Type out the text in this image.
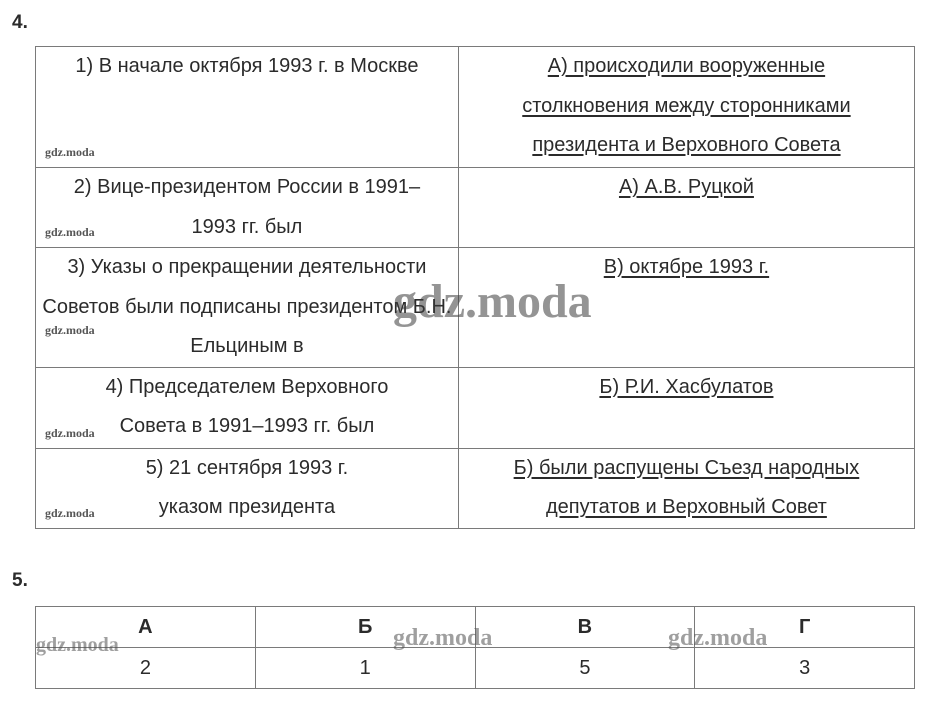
4.
1) В начале октября 1993 г. в Москве
gdz.moda	А) происходили вооруженные столкновения между сторонниками президента и Верховного Совета

2) Вице-президентом России в 1991–1993 гг. был
gdz.moda	А) А.В. Руцкой

3) Указы о прекращении деятельности Советов были подписаны президентом Б.Н. Ельциным в
gdz.moda	В) октябре 1993 г.

4) Председателем Верховного Совета в 1991–1993 гг. был
gdz.moda	Б) Р.И. Хасбулатов

5) 21 сентября 1993 г. указом президента
gdz.moda	Б) были распущены Съезд народных депутатов и Верховный Совет
gdz.moda
5.
А	Б	В	Г
2	1	5	3
gdz.moda	gdz.moda	gdz.moda
